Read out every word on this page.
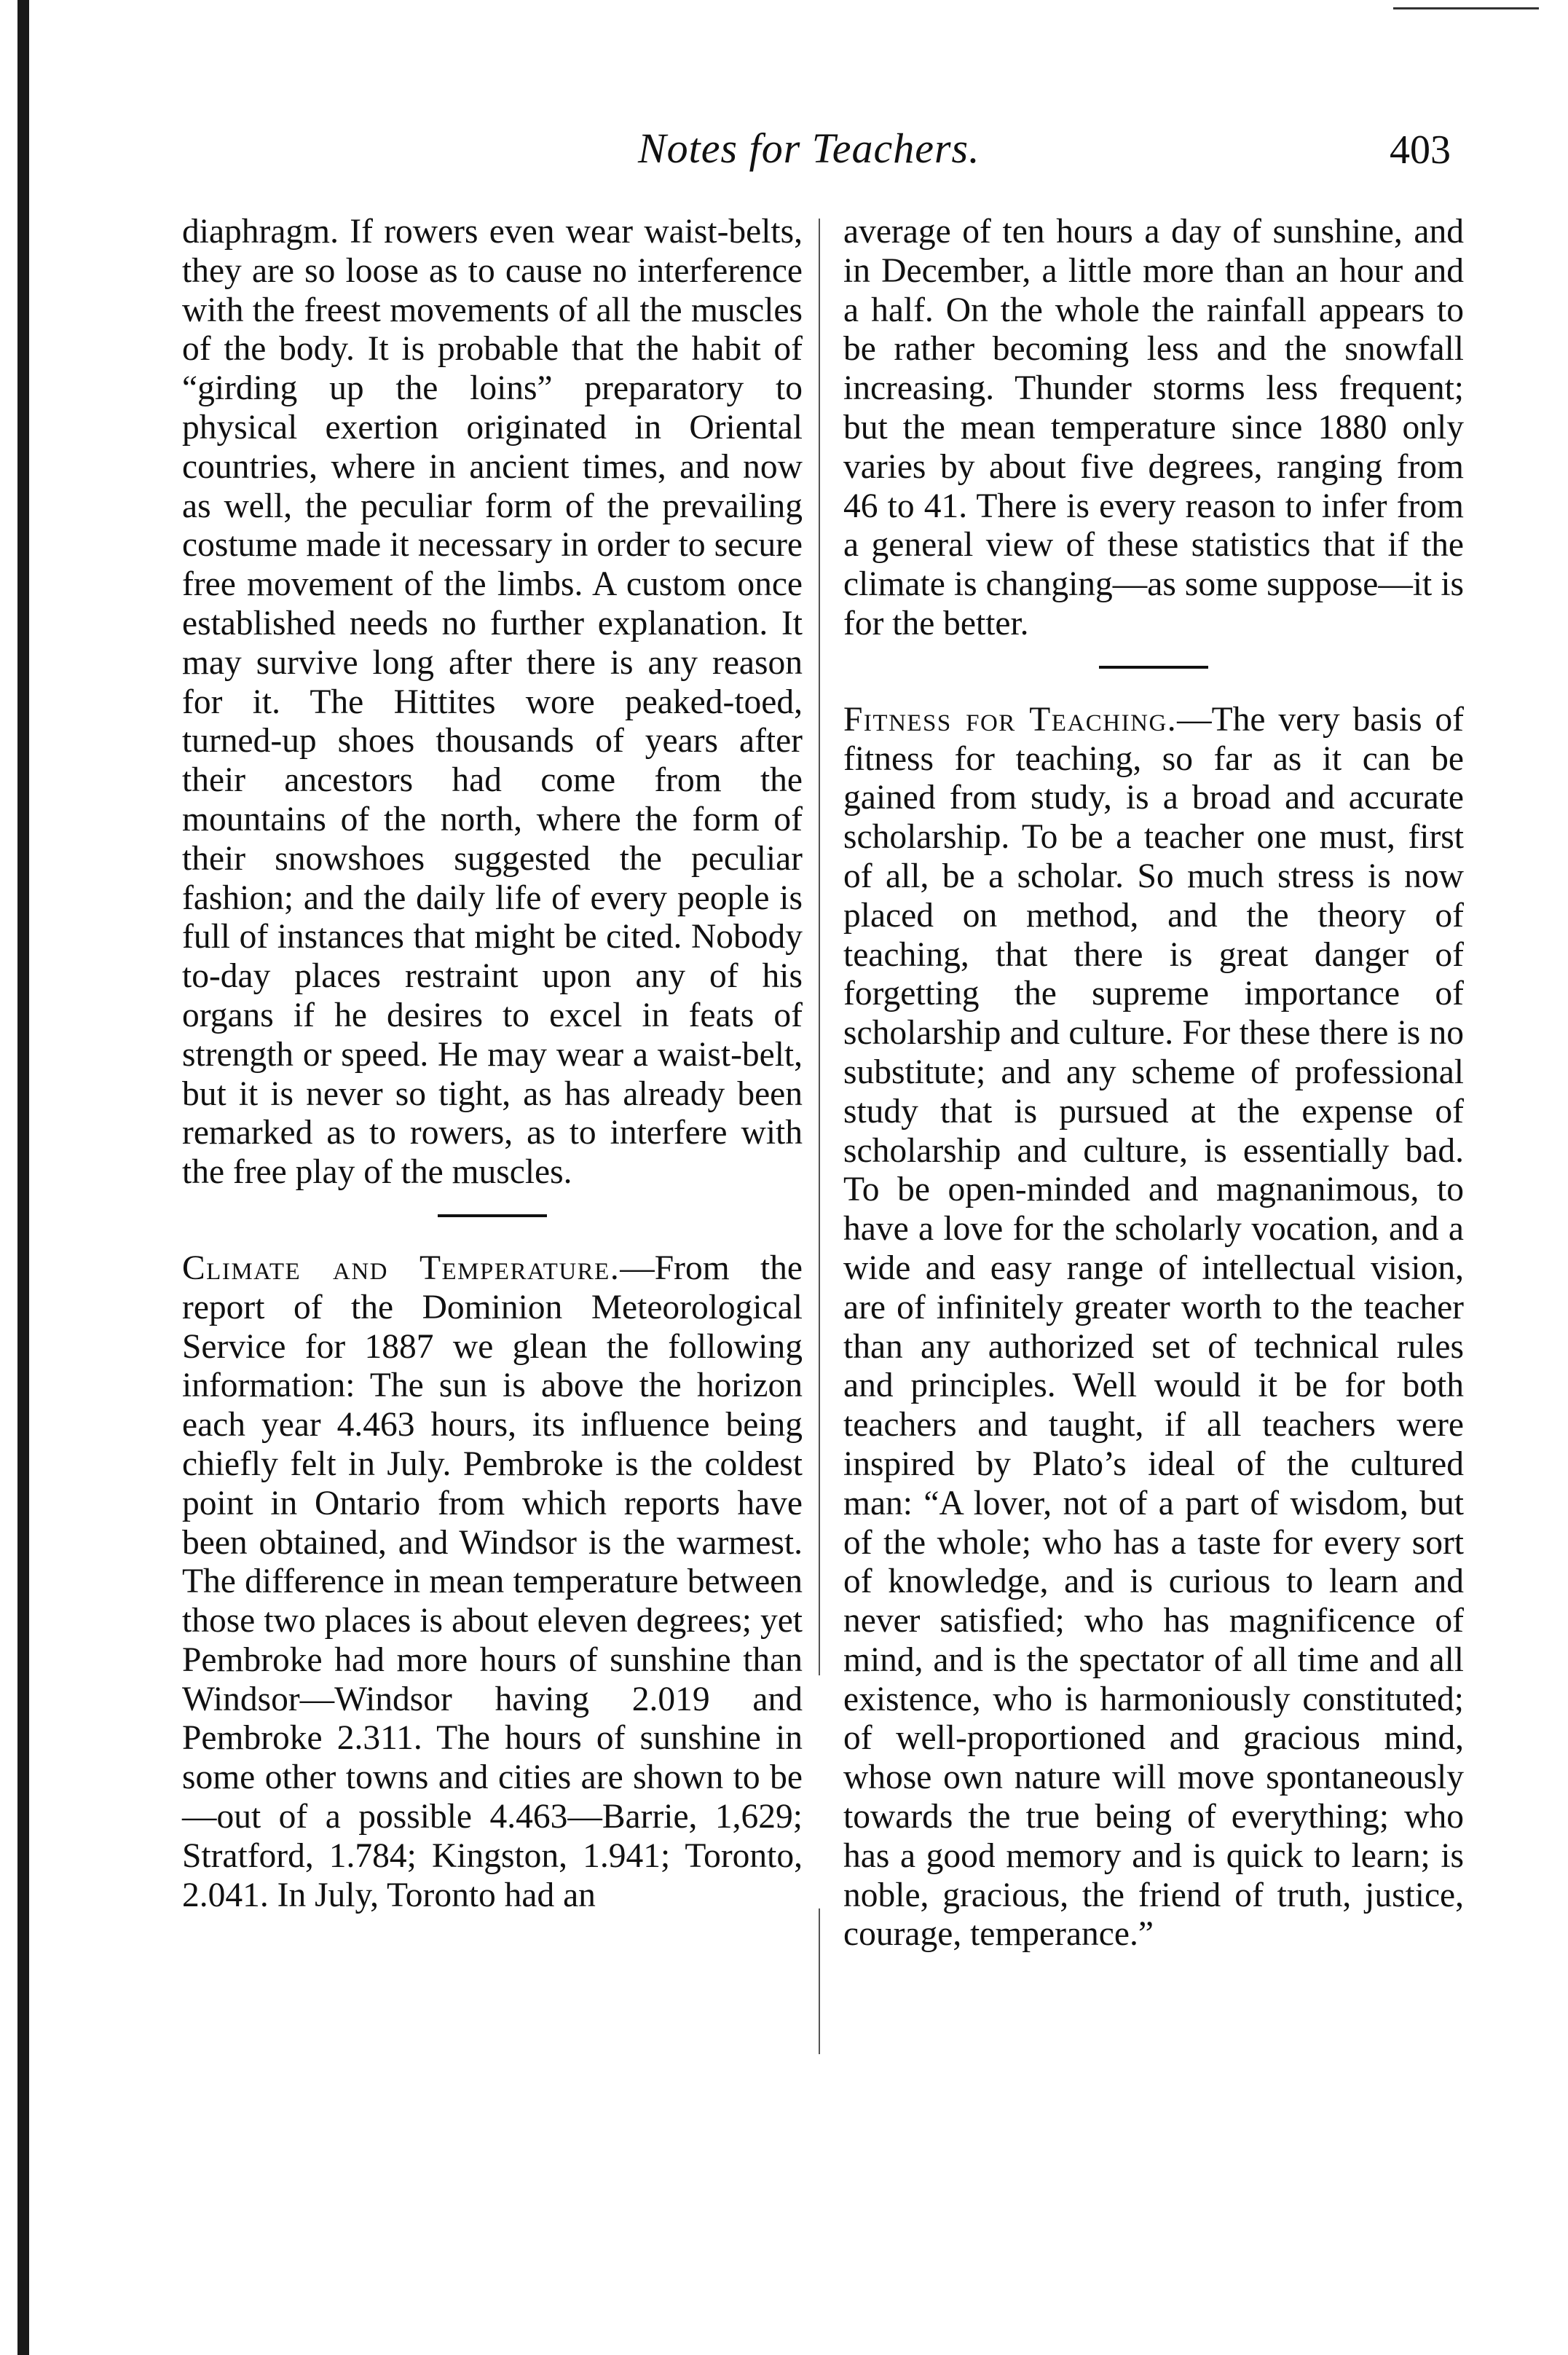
Notes for Teachers.	403

diaphragm. If rowers even wear waist-belts, they are so loose as to cause no interference with the freest movements of all the muscles of the body. It is probable that the habit of “girding up the loins” preparatory to physical exertion originated in Oriental countries, where in ancient times, and now as well, the peculiar form of the prevailing costume made it necessary in order to secure free movement of the limbs. A custom once established needs no further explanation. It may survive long after there is any reason for it. The Hittites wore peaked-toed, turned-up shoes thousands of years after their ancestors had come from the mountains of the north, where the form of their snowshoes suggested the peculiar fashion; and the daily life of every people is full of instances that might be cited. Nobody to-day places restraint upon any of his organs if he desires to excel in feats of strength or speed. He may wear a waist-belt, but it is never so tight, as has already been remarked as to rowers, as to interfere with the free play of the muscles.

Climate and Temperature.—From the report of the Dominion Meteorological Service for 1887 we glean the following information: The sun is above the horizon each year 4.463 hours, its influence being chiefly felt in July. Pembroke is the coldest point in Ontario from which reports have been obtained, and Windsor is the warmest. The difference in mean temperature between those two places is about eleven degrees; yet Pembroke had more hours of sunshine than Windsor—Windsor having 2.019 and Pembroke 2.311. The hours of sunshine in some other towns and cities are shown to be—out of a possible 4.463—Barrie, 1,629; Stratford, 1.784; Kingston, 1.941; Toronto, 2.041. In July, Toronto had an

average of ten hours a day of sunshine, and in December, a little more than an hour and a half. On the whole the rainfall appears to be rather becoming less and the snowfall increasing. Thunder storms less frequent; but the mean temperature since 1880 only varies by about five degrees, ranging from 46 to 41. There is every reason to infer from a general view of these statistics that if the climate is changing—as some suppose—it is for the better.

Fitness for Teaching.—The very basis of fitness for teaching, so far as it can be gained from study, is a broad and accurate scholarship. To be a teacher one must, first of all, be a scholar. So much stress is now placed on method, and the theory of teaching, that there is great danger of forgetting the supreme importance of scholarship and culture. For these there is no substitute; and any scheme of professional study that is pursued at the expense of scholarship and culture, is essentially bad. To be open-minded and magnanimous, to have a love for the scholarly vocation, and a wide and easy range of intellectual vision, are of infinitely greater worth to the teacher than any authorized set of technical rules and principles. Well would it be for both teachers and taught, if all teachers were inspired by Plato’s ideal of the cultured man: “A lover, not of a part of wisdom, but of the whole; who has a taste for every sort of knowledge, and is curious to learn and never satisfied; who has magnificence of mind, and is the spectator of all time and all existence, who is harmoniously constituted; of well-proportioned and gracious mind, whose own nature will move spontaneously towards the true being of everything; who has a good memory and is quick to learn; is noble, gracious, the friend of truth, justice, courage, temperance.”
